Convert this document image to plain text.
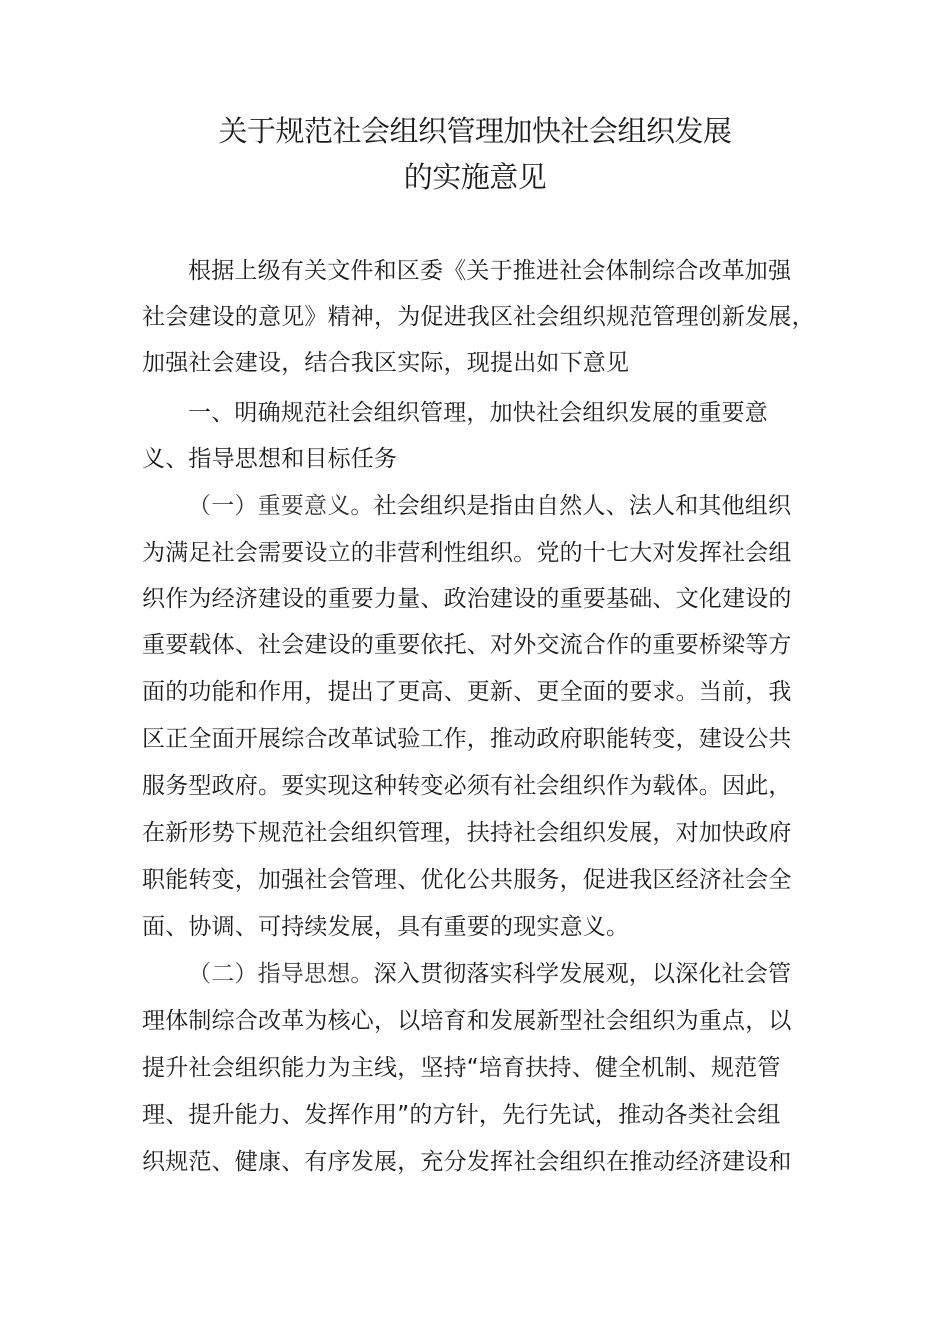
关于规范社会组织管理加快社会组织发展
的实施意见
根据上级有关文件和区委《关于推进社会体制综合改革加强
社会建设的意见》精神，为促进我区社会组织规范管理创新发展，
加强社会建设，结合我区实际，现提出如下意见
一、明确规范社会组织管理，加快社会组织发展的重要意
义、指导思想和目标任务
（一）重要意义。社会组织是指由自然人、法人和其他组织
为满足社会需要设立的非营利性组织。党的十七大对发挥社会组
织作为经济建设的重要力量、政治建设的重要基础、文化建设的
重要载体、社会建设的重要依托、对外交流合作的重要桥梁等方
面的功能和作用，提出了更高、更新、更全面的要求。当前，我
区正全面开展综合改革试验工作，推动政府职能转变，建设公共
服务型政府。要实现这种转变必须有社会组织作为载体。因此，
在新形势下规范社会组织管理，扶持社会组织发展，对加快政府
职能转变，加强社会管理、优化公共服务，促进我区经济社会全
面、协调、可持续发展，具有重要的现实意义。
（二）指导思想。深入贯彻落实科学发展观，以深化社会管
理体制综合改革为核心，以培育和发展新型社会组织为重点，以
提升社会组织能力为主线，坚持“培育扶持、健全机制、规范管
理、提升能力、发挥作用”的方针，先行先试，推动各类社会组
织规范、健康、有序发展，充分发挥社会组织在推动经济建设和
